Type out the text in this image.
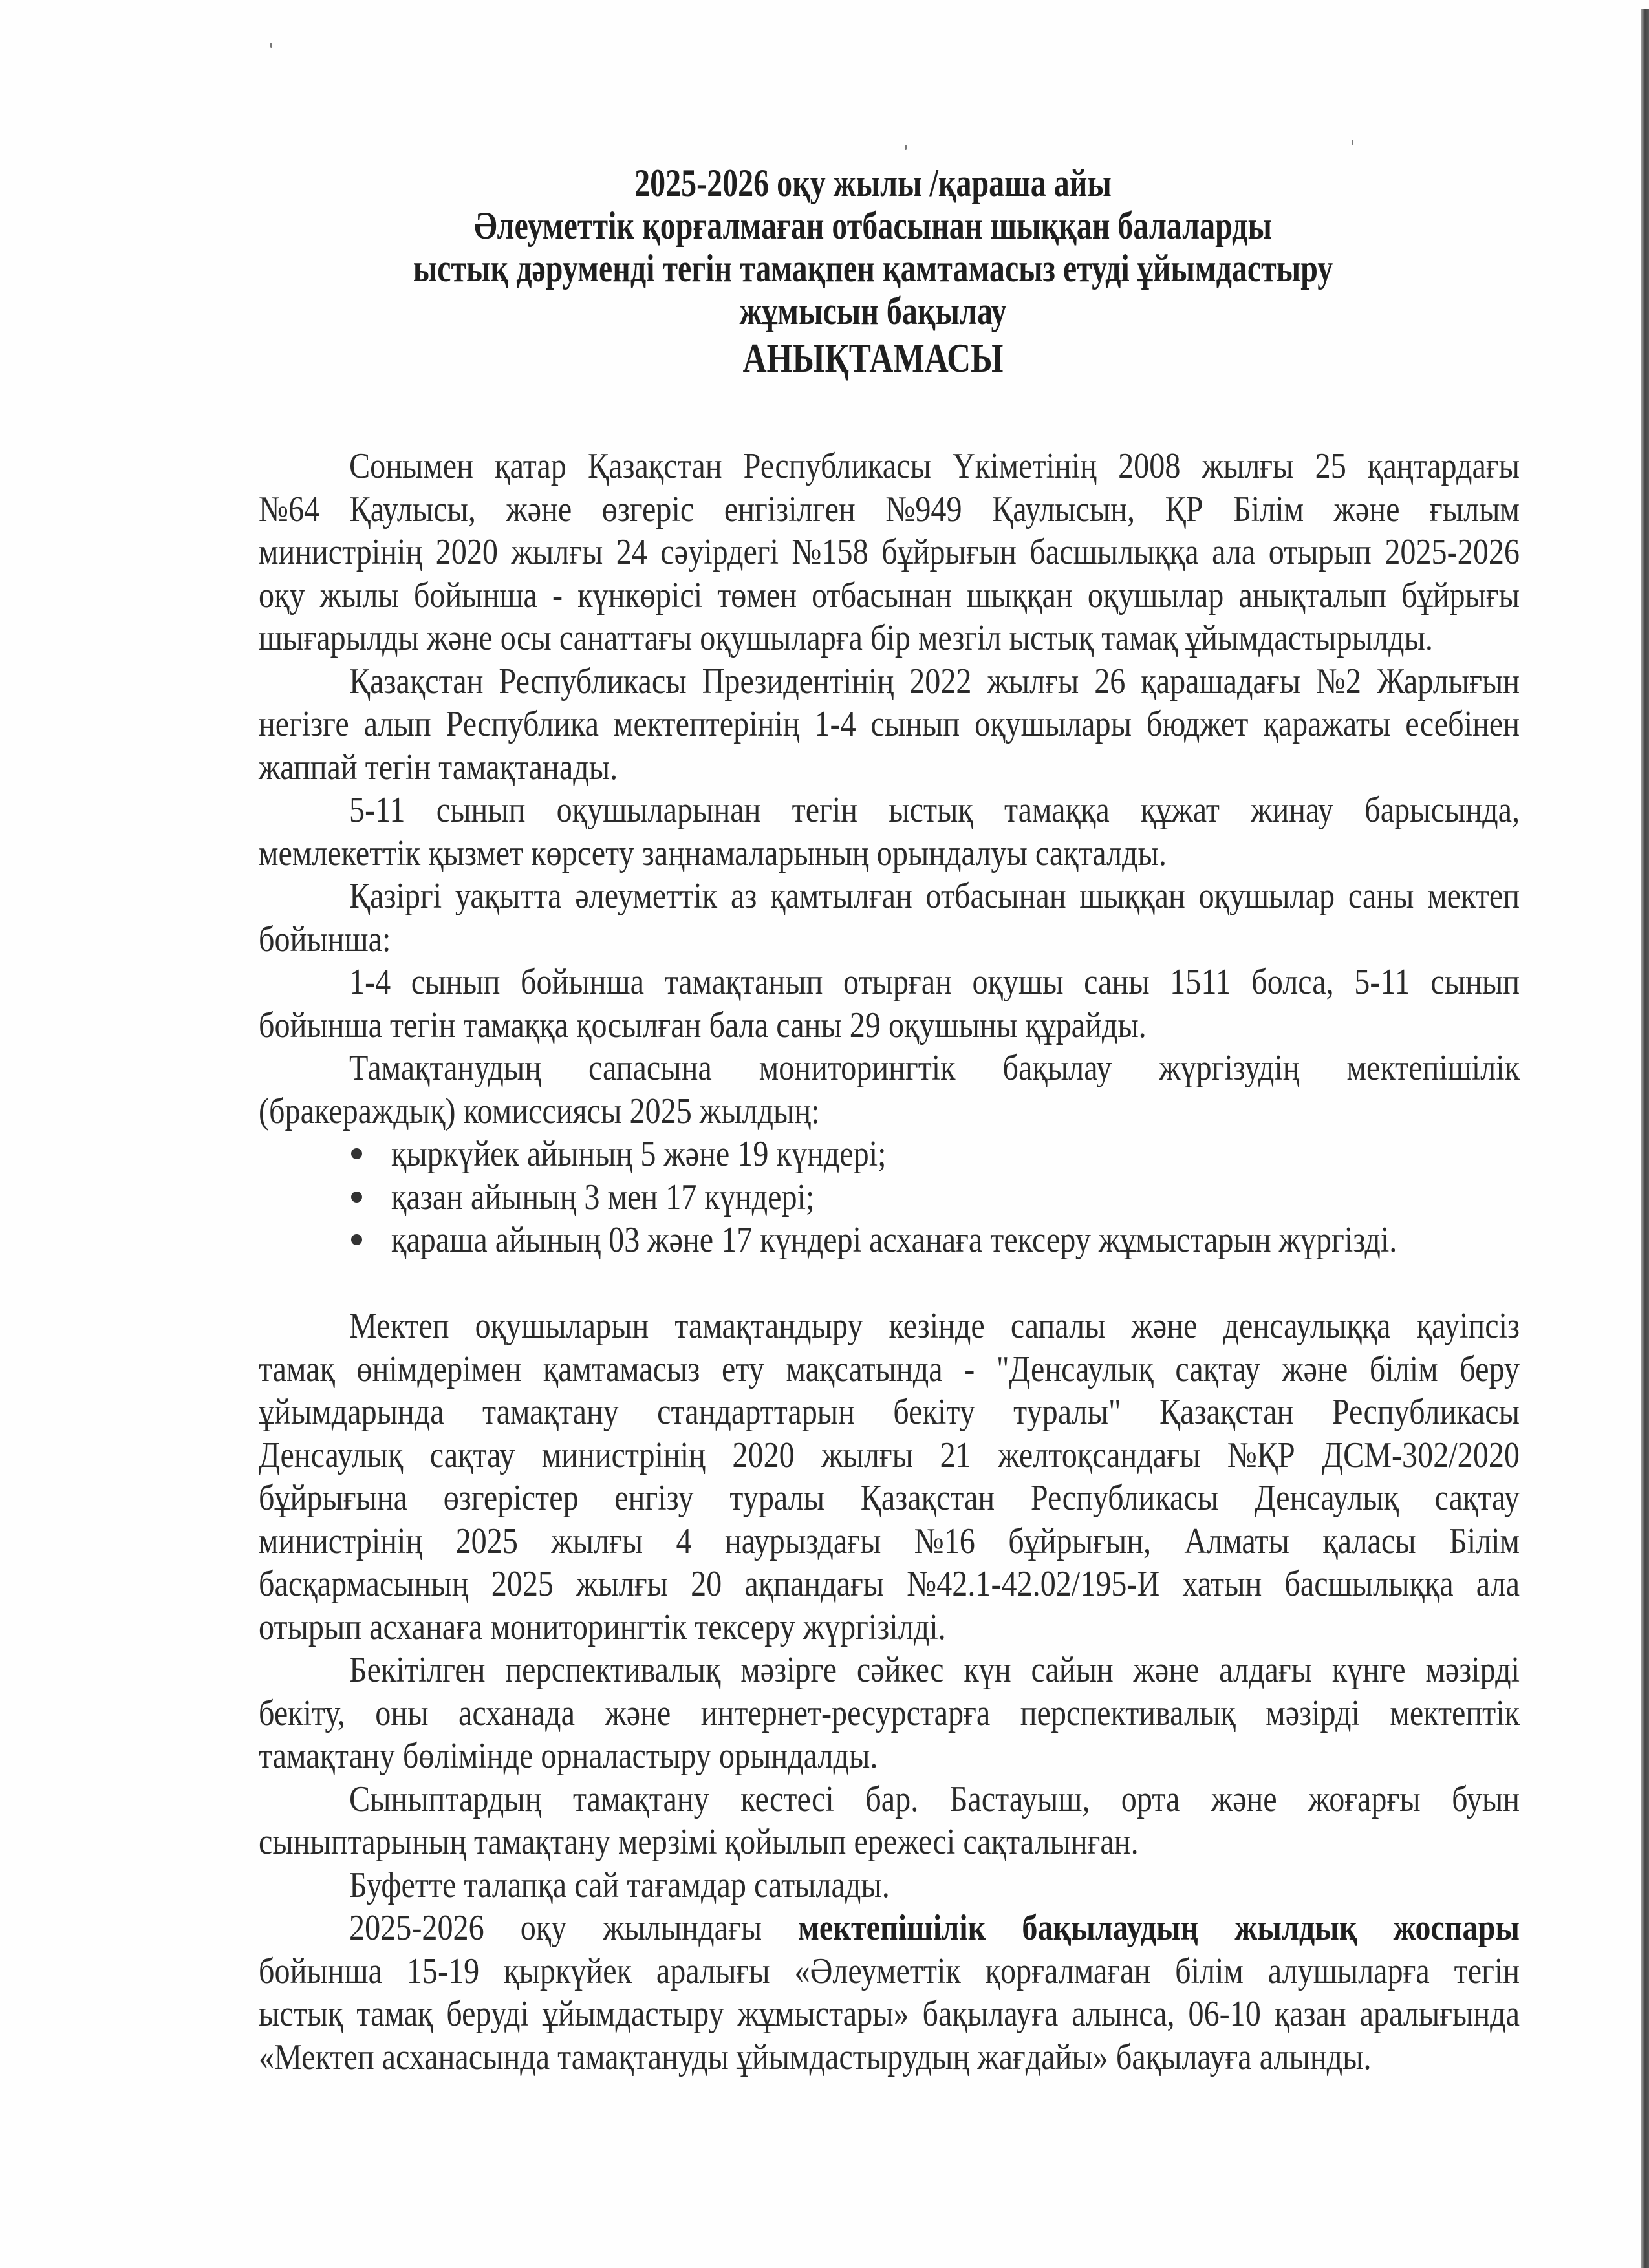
2025-2026 оқу жылы /қараша айы
Әлеуметтік қорғалмаған отбасынан шыққан балаларды
ыстық дәрумендi тегiн тамақпен қамтамасыз етудi ұйымдастыру
жұмысын бақылау
АНЫҚТАМАСЫ
Сонымен қатар Қазақстан Республикасы Үкiметiнiң 2008 жылғы 25 қаңтардағы
№64 Қаулысы, және өзгерiс енгiзiлген №949 Қаулысын, ҚР Бiлiм және ғылым
министрiнiң 2020 жылғы 24 сәуiрдегi №158 бұйрығын басшылыққа ала отырып 2025-2026
оқу жылы бойынша - күнкөрiсi төмен отбасынан шыққан оқушылар анықталып бұйрығы
шығарылды және осы санаттағы оқушыларға бiр мезгiл ыстық тамақ ұйымдастырылды.
Қазақстан Республикасы Президентiнiң 2022 жылғы 26 қарашадағы №2 Жарлығын
негiзге алып Республика мектептерiнiң 1-4 сынып оқушылары бюджет қаражаты есебiнен
жаппай тегiн тамақтанады.
5-11 сынып оқушыларынан тегiн ыстық тамаққа құжат жинау барысында,
мемлекеттiк қызмет көрсету заңнамаларының орындалуы сақталды.
Қазiргi уақытта әлеуметтiк аз қамтылған отбасынан шыққан оқушылар саны мектеп
бойынша:
1-4 сынып бойынша тамақтанып отырған оқушы саны 1511 болса, 5-11 сынып
бойынша тегiн тамаққа қосылған бала саны 29 оқушыны құрайды.
Тамақтанудың сапасына мониторингтiк бақылау жүргiзудiң мектепiшiлiк
(бракераждық) комиссиясы 2025 жылдың:
қыркүйек айының 5 және 19 күндерi;
қазан айының 3 мен 17 күндерi;
қараша айының 03 және 17 күндерi асханаға тексеру жұмыстарын жүргiздi.
Мектеп оқушыларын тамақтандыру кезiнде сапалы және денсаулыққа қауiпсiз
тамақ өнiмдерiмен қамтамасыз ету мақсатында - "Денсаулық сақтау және бiлiм беру
ұйымдарында тамақтану стандарттарын бекiту туралы" Қазақстан Республикасы
Денсаулық сақтау министрiнiң 2020 жылғы 21 желтоқсандағы №ҚР ДСМ-302/2020
бұйрығына өзгерiстер енгiзу туралы Қазақстан Республикасы Денсаулық сақтау
министрiнiң 2025 жылғы 4 наурыздағы №16 бұйрығын, Алматы қаласы Бiлiм
басқармасының 2025 жылғы 20 ақпандағы №42.1-42.02/195-И хатын басшылыққа ала
отырып асханаға мониторингтiк тексеру жүргiзiлдi.
Бекiтiлген перспективалық мәзiрге сәйкес күн сайын және алдағы күнге мәзiрдi
бекiту, оны асханада және интернет-ресурстарға перспективалық мәзiрдi мектептiк
тамақтану бөлiмiнде орналастыру орындалды.
Сыныптардың тамақтану кестесi бар. Бастауыш, орта және жоғарғы буын
сыныптарының тамақтану мерзiмi қойылып ережесi сақталынған.
Буфетте талапқа сай тағамдар сатылады.
2025-2026 оқу жылындағы мектепiшiлiк бақылаудың жылдық жоспары
бойынша 15-19 қыркүйек аралығы «Әлеуметтiк қорғалмаған бiлiм алушыларға тегiн
ыстық тамақ берудi ұйымдастыру жұмыстары» бақылауға алынса, 06-10 қазан аралығында
«Мектеп асханасында тамақтануды ұйымдастырудың жағдайы» бақылауға алынды.
